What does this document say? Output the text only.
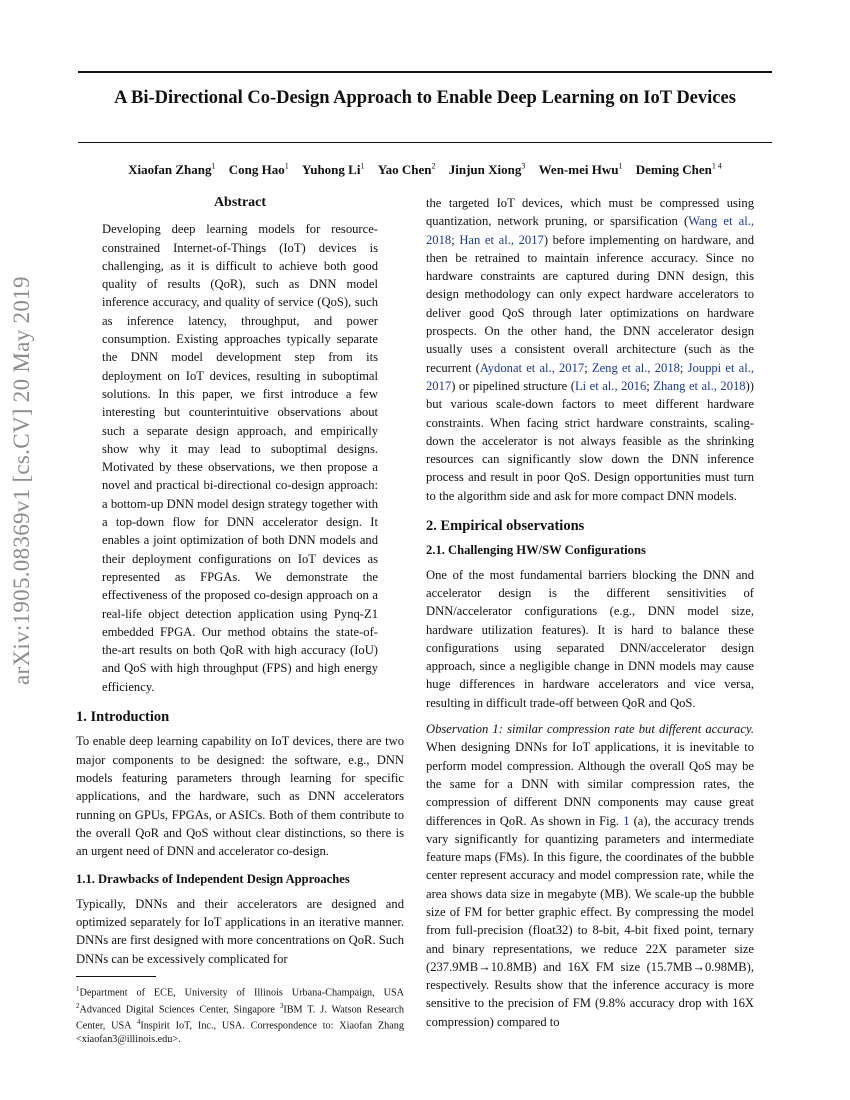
arXiv:1905.08369v1 [cs.CV] 20 May 2019
A Bi-Directional Co-Design Approach to Enable Deep Learning on IoT Devices
Xiaofan Zhang$^1$ Cong Hao$^1$ Yuhong Li$^1$ Yao Chen$^2$ Jinjun Xiong$^3$ Wen-mei Hwu$^1$ Deming Chen$^{1 4}$
Abstract

Developing deep learning models for resource-constrained Internet-of-Things (IoT) devices is challenging, as it is difficult to achieve both good quality of results (QoR), such as DNN model inference accuracy, and quality of service (QoS), such as inference latency, throughput, and power consumption. Existing approaches typically separate the DNN model development step from its deployment on IoT devices, resulting in suboptimal solutions. In this paper, we first introduce a few interesting but counterintuitive observations about such a separate design approach, and empirically show why it may lead to suboptimal designs. Motivated by these observations, we then propose a novel and practical bi-directional co-design approach: a bottom-up DNN model design strategy together with a top-down flow for DNN accelerator design. It enables a joint optimization of both DNN models and their deployment configurations on IoT devices as represented as FPGAs. We demonstrate the effectiveness of the proposed co-design approach on a real-life object detection application using Pynq-Z1 embedded FPGA. Our method obtains the state-of-the-art results on both QoR with high accuracy (IoU) and QoS with high throughput (FPS) and high energy efficiency.

1. Introduction

To enable deep learning capability on IoT devices, there are two major components to be designed: the software, e.g., DNN models featuring parameters through learning for specific applications, and the hardware, such as DNN accelerators running on GPUs, FPGAs, or ASICs. Both of them contribute to the overall QoR and QoS without clear distinctions, so there is an urgent need of DNN and accelerator co-design.

1.1. Drawbacks of Independent Design Approaches

Typically, DNNs and their accelerators are designed and optimized separately for IoT applications in an iterative manner. DNNs are first designed with more concentrations on QoR. Such DNNs can be excessively complicated for

$^1$Department of ECE, University of Illinois Urbana-Champaign, USA $^2$Advanced Digital Sciences Center, Singapore $^3$IBM T. J. Watson Research Center, USA $^4$Inspirit IoT, Inc., USA. Correspondence to: Xiaofan Zhang <xiaofan3@illinois.edu>.

the targeted IoT devices, which must be compressed using quantization, network pruning, or sparsification (Wang et al., 2018; Han et al., 2017) before implementing on hardware, and then be retrained to maintain inference accuracy. Since no hardware constraints are captured during DNN design, this design methodology can only expect hardware accelerators to deliver good QoS through later optimizations on hardware prospects. On the other hand, the DNN accelerator design usually uses a consistent overall architecture (such as the recurrent (Aydonat et al., 2017; Zeng et al., 2018; Jouppi et al., 2017) or pipelined structure (Li et al., 2016; Zhang et al., 2018)) but various scale-down factors to meet different hardware constraints. When facing strict hardware constraints, scaling-down the accelerator is not always feasible as the shrinking resources can significantly slow down the DNN inference process and result in poor QoS. Design opportunities must turn to the algorithm side and ask for more compact DNN models.

2. Empirical observations
2.1. Challenging HW/SW Configurations

One of the most fundamental barriers blocking the DNN and accelerator design is the different sensitivities of DNN/accelerator configurations (e.g., DNN model size, hardware utilization features). It is hard to balance these configurations using separated DNN/accelerator design approach, since a negligible change in DNN models may cause huge differences in hardware accelerators and vice versa, resulting in difficult trade-off between QoR and QoS.

Observation 1: similar compression rate but different accuracy. When designing DNNs for IoT applications, it is inevitable to perform model compression. Although the overall QoS may be the same for a DNN with similar compression rates, the compression of different DNN components may cause great differences in QoR. As shown in Fig. 1 (a), the accuracy trends vary significantly for quantizing parameters and intermediate feature maps (FMs). In this figure, the coordinates of the bubble center represent accuracy and model compression rate, while the area shows data size in megabyte (MB). We scale-up the bubble size of FM for better graphic effect. By compressing the model from full-precision (float32) to 8-bit, 4-bit fixed point, ternary and binary representations, we reduce 22X parameter size (237.9MB→10.8MB) and 16X FM size (15.7MB→0.98MB), respectively. Results show that the inference accuracy is more sensitive to the precision of FM (9.8% accuracy drop with 16X compression) compared to
